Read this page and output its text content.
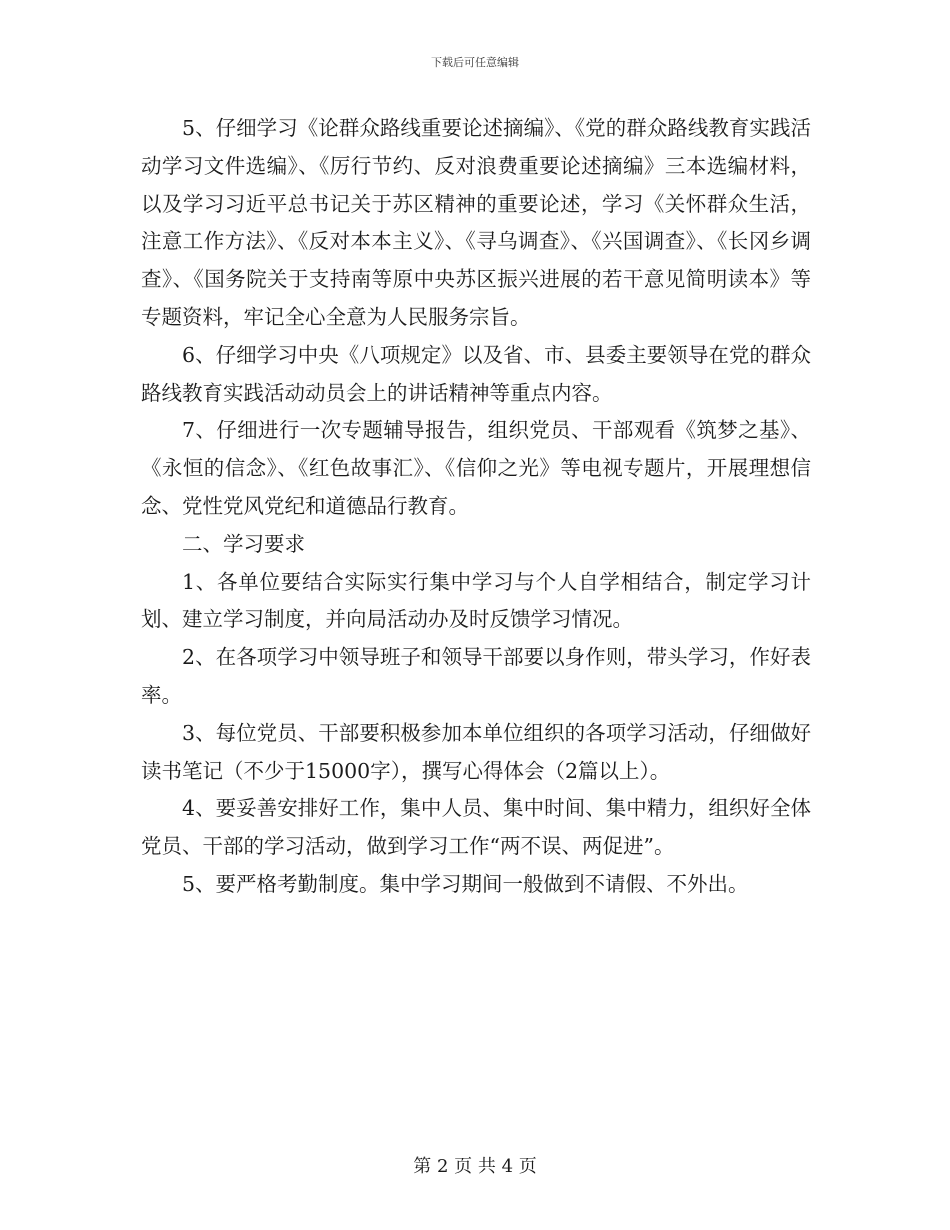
下载后可任意编辑

5、仔细学习《论群众路线重要论述摘编》、《党的群众路线教育实践活动学习文件选编》、《厉行节约、反对浪费重要论述摘编》三本选编材料，以及学习习近平总书记关于苏区精神的重要论述，学习《关怀群众生活，注意工作方法》、《反对本本主义》、《寻乌调查》、《兴国调查》、《长冈乡调查》、《国务院关于支持南等原中央苏区振兴进展的若干意见简明读本》等专题资料，牢记全心全意为人民服务宗旨。

6、仔细学习中央《八项规定》以及省、市、县委主要领导在党的群众路线教育实践活动动员会上的讲话精神等重点内容。

7、仔细进行一次专题辅导报告，组织党员、干部观看《筑梦之基》、《永恒的信念》、《红色故事汇》、《信仰之光》等电视专题片，开展理想信念、党性党风党纪和道德品行教育。

二、学习要求

1、各单位要结合实际实行集中学习与个人自学相结合，制定学习计划、建立学习制度，并向局活动办及时反馈学习情况。

2、在各项学习中领导班子和领导干部要以身作则，带头学习，作好表率。

3、每位党员、干部要积极参加本单位组织的各项学习活动，仔细做好读书笔记（不少于15000字），撰写心得体会（2篇以上）。

4、要妥善安排好工作，集中人员、集中时间、集中精力，组织好全体党员、干部的学习活动，做到学习工作“两不误、两促进”。

5、要严格考勤制度。集中学习期间一般做到不请假、不外出。

第 2 页 共 4 页
